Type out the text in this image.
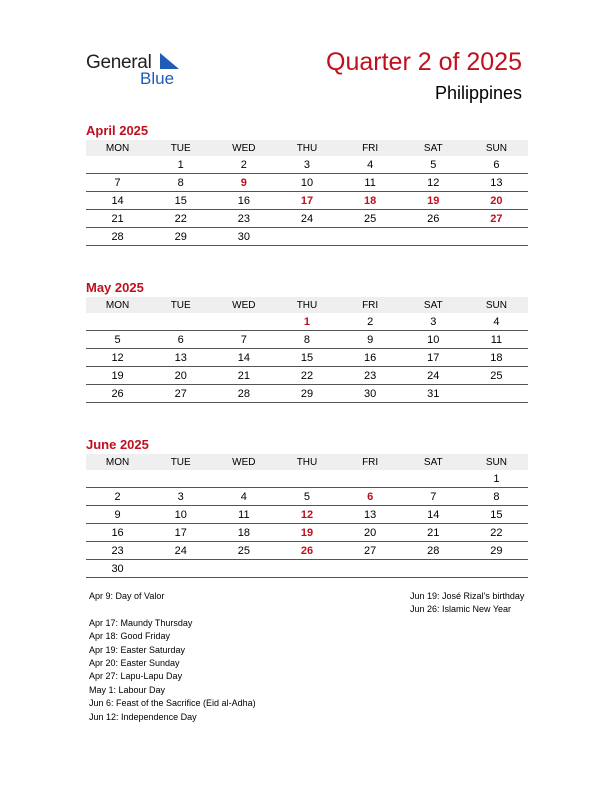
General
Blue
Quarter 2 of 2025
Philippines
April 2025
MON	TUE	WED	THU	FRI	SAT	SUN
	1	2	3	4	5	6
7	8	9	10	11	12	13
14	15	16	17	18	19	20
21	22	23	24	25	26	27
28	29	30				
May 2025
MON	TUE	WED	THU	FRI	SAT	SUN
			1	2	3	4
5	6	7	8	9	10	11
12	13	14	15	16	17	18
19	20	21	22	23	24	25
26	27	28	29	30	31	
June 2025
MON	TUE	WED	THU	FRI	SAT	SUN
						1
2	3	4	5	6	7	8
9	10	11	12	13	14	15
16	17	18	19	20	21	22
23	24	25	26	27	28	29
30						
Apr 9: Day of Valor
Apr 17: Maundy Thursday
Apr 18: Good Friday
Apr 19: Easter Saturday
Apr 20: Easter Sunday
Apr 27: Lapu-Lapu Day
May 1: Labour Day
Jun 6: Feast of the Sacrifice (Eid al-Adha)
Jun 12: Independence Day
Jun 19: José Rizal’s birthday
Jun 26: Islamic New Year
